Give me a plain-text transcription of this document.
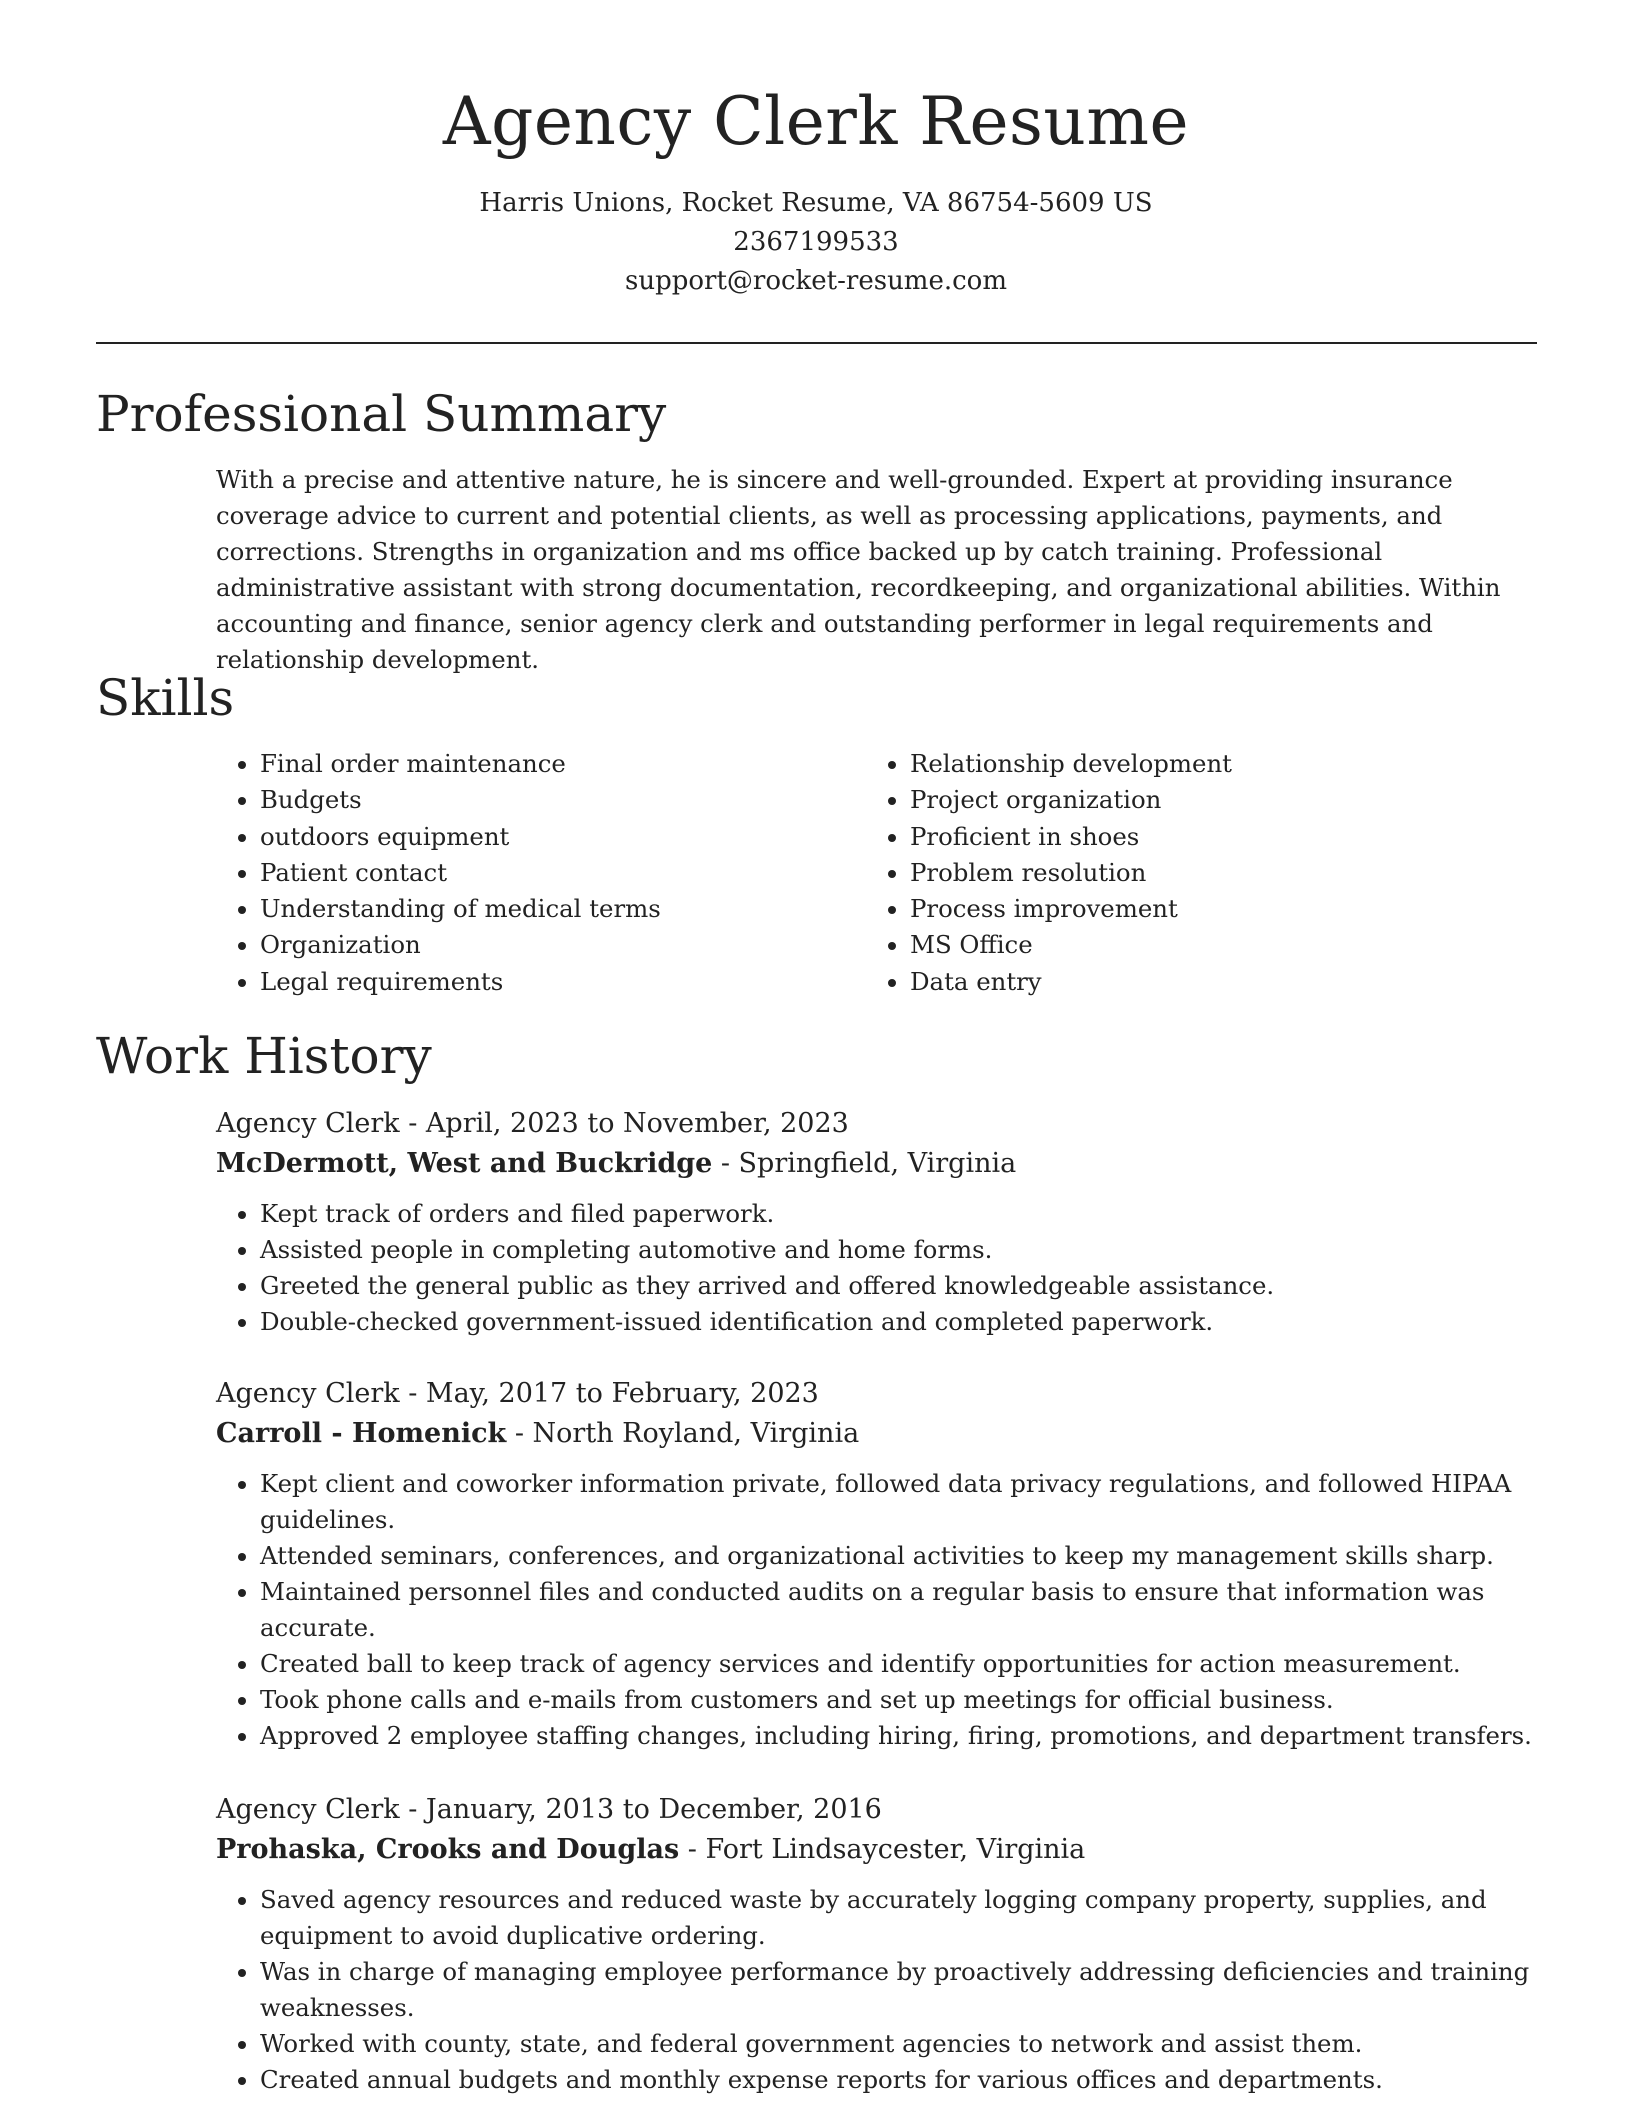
Agency Clerk Resume
Harris Unions, Rocket Resume, VA 86754-5609 US
2367199533
support@rocket-resume.com
Professional Summary

With a precise and attentive nature, he is sincere and well-grounded. Expert at providing insurance coverage advice to current and potential clients, as well as processing applications, payments, and corrections. Strengths in organization and ms office backed up by catch training. Professional administrative assistant with strong documentation, recordkeeping, and organizational abilities. Within accounting and finance, senior agency clerk and outstanding performer in legal requirements and relationship development.

Skills
• Final order maintenance
• Budgets
• outdoors equipment
• Patient contact
• Understanding of medical terms
• Organization
• Legal requirements
• Relationship development
• Project organization
• Proficient in shoes
• Problem resolution
• Process improvement
• MS Office
• Data entry
Work History
Agency Clerk - April, 2023 to November, 2023
McDermott, West and Buckridge - Springfield, Virginia
• Kept track of orders and filed paperwork.
• Assisted people in completing automotive and home forms.
• Greeted the general public as they arrived and offered knowledgeable assistance.
• Double-checked government-issued identification and completed paperwork.
Agency Clerk - May, 2017 to February, 2023
Carroll - Homenick - North Royland, Virginia
• Kept client and coworker information private, followed data privacy regulations, and followed HIPAA guidelines.
• Attended seminars, conferences, and organizational activities to keep my management skills sharp.
• Maintained personnel files and conducted audits on a regular basis to ensure that information was accurate.
• Created ball to keep track of agency services and identify opportunities for action measurement.
• Took phone calls and e-mails from customers and set up meetings for official business.
• Approved 2 employee staffing changes, including hiring, firing, promotions, and department transfers.
Agency Clerk - January, 2013 to December, 2016
Prohaska, Crooks and Douglas - Fort Lindsaycester, Virginia
• Saved agency resources and reduced waste by accurately logging company property, supplies, and equipment to avoid duplicative ordering.
• Was in charge of managing employee performance by proactively addressing deficiencies and training weaknesses.
• Worked with county, state, and federal government agencies to network and assist them.
• Created annual budgets and monthly expense reports for various offices and departments.
